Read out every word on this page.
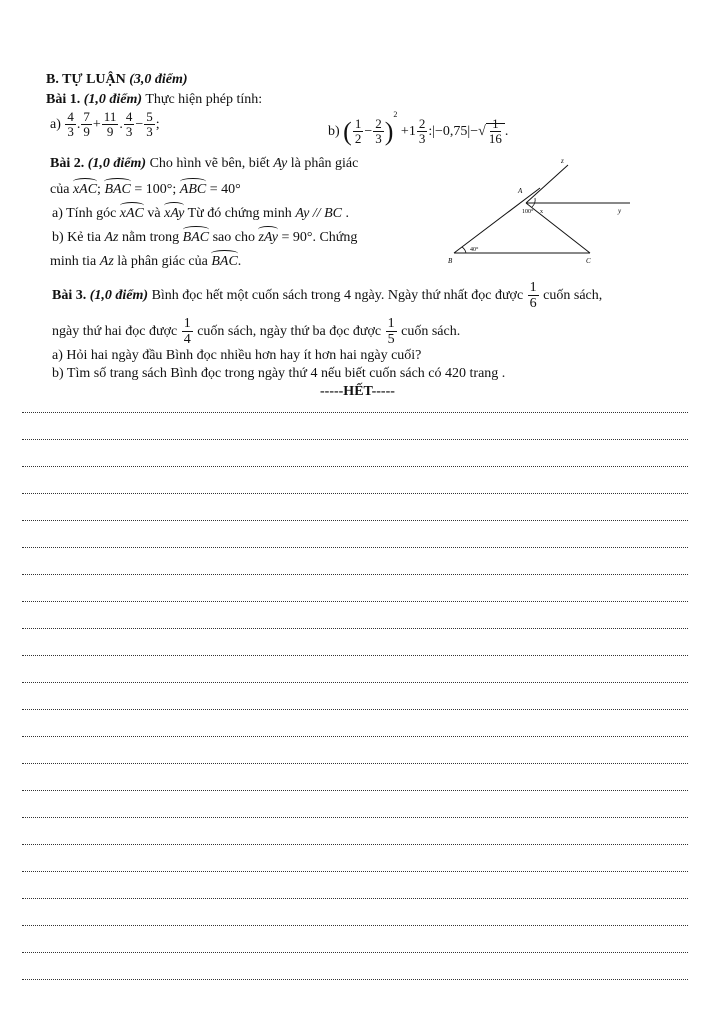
B. TỰ LUẬN (3,0 điểm)
Bài 1. (1,0 điểm) Thực hiện phép tính:
$a) \frac{4}{3}$ . $\frac{7}{9} + \frac{11}{9}$ . $\frac{4}{3} - \frac{5}{3}$ ;	b) ( $\frac{1}{2} - \frac{2}{3} )^2 +1 \frac{2}{3}$ :|−0,75|−√ $\frac{1}{16}$ .
Bài 2. (1,0 điểm) Cho hình vẽ bên, biết Ay là phân giác
của xAC; BAC = 100°; ABC = 40°
a) Tính góc xAC và xAy Từ đó chứng minh Ay // BC .
b) Kẻ tia Az nằm trong BAC sao cho zAy = 90°. Chứng
minh tia Az là phân giác của BAC.
z
A
y
x
100°
B	C
40°
Bài 3. (1,0 điểm) Bình đọc hết một cuốn sách trong 4 ngày. Ngày thứ nhất đọc được $\frac{1}{6}$ cuốn sách,
ngày thứ hai đọc được $\frac{1}{4}$ cuốn sách, ngày thứ ba đọc được $\frac{1}{5}$ cuốn sách.
a) Hỏi hai ngày đầu Bình đọc nhiều hơn hay ít hơn hai ngày cuối?
b) Tìm số trang sách Bình đọc trong ngày thứ 4 nếu biết cuốn sách có 420 trang .
-----HẾT-----
